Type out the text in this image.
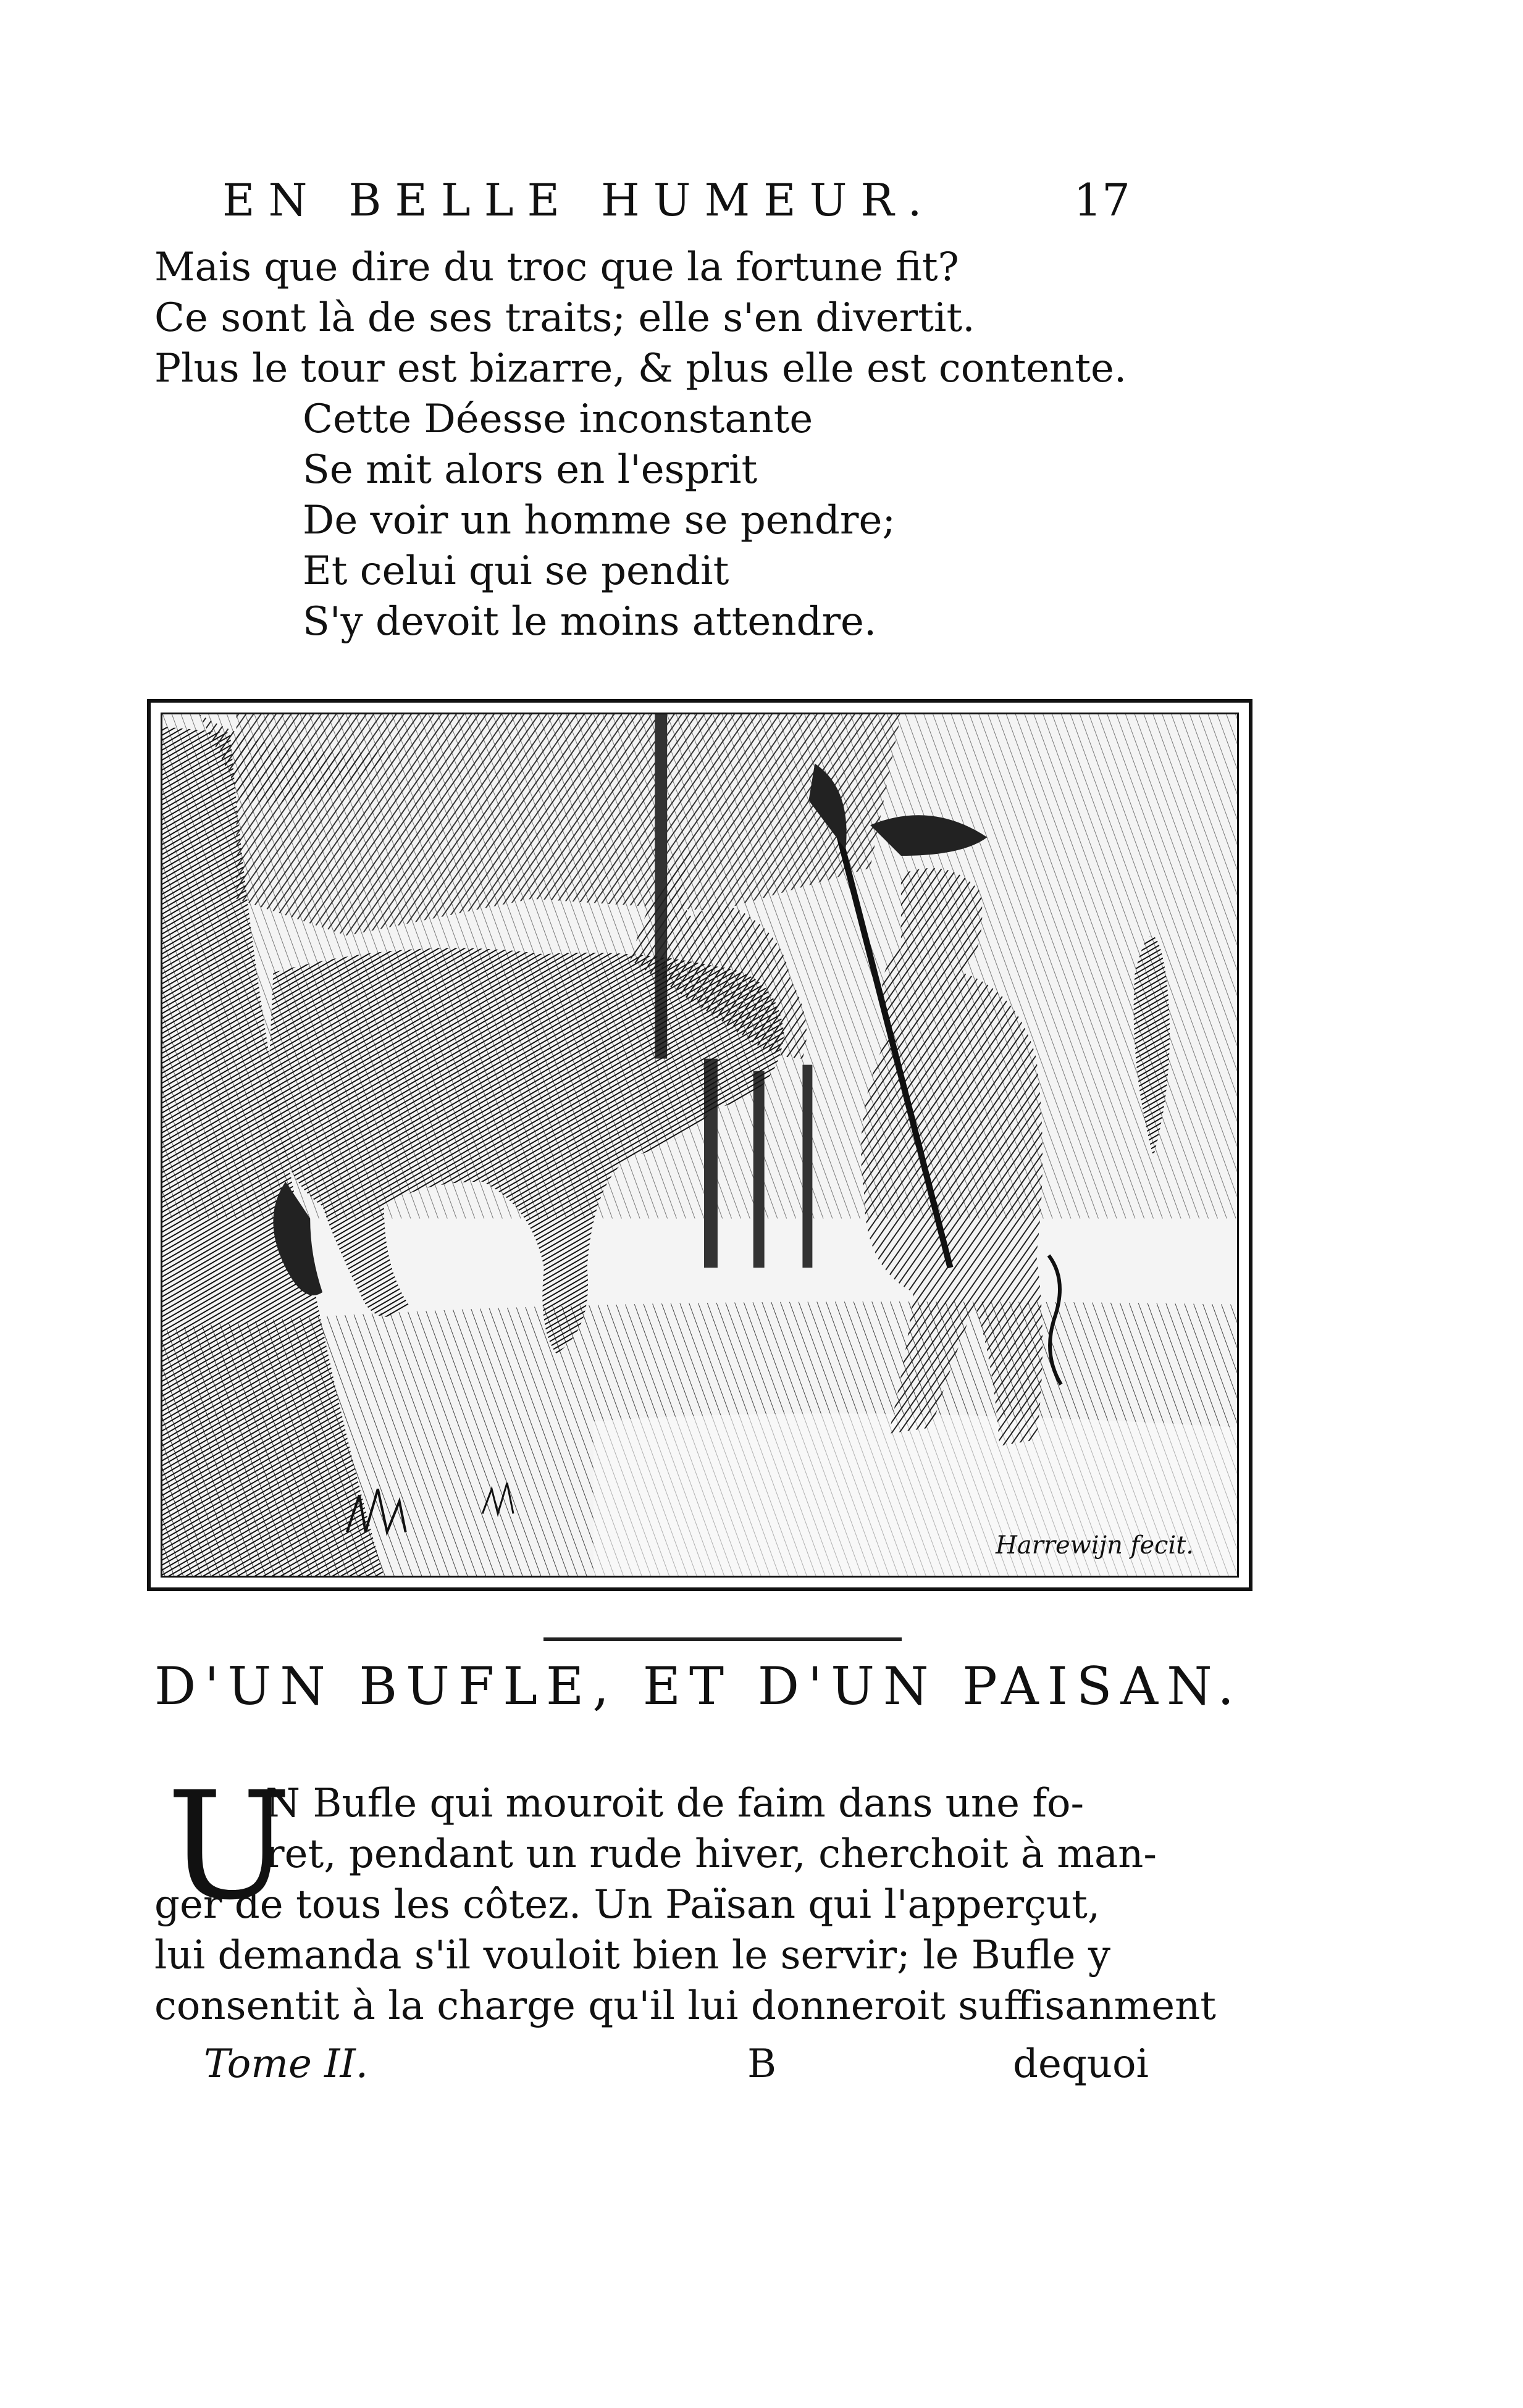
EN BELLE HUMEUR.	17
Mais que dire du troc que la fortune fit?
Ce sont là de ses traits; elle s'en divertit.
Plus le tour est bizarre, & plus elle est contente.
Cette Déesse inconstante
Se mit alors en l'esprit
De voir un homme se pendre;
Et celui qui se pendit
S'y devoit le moins attendre.
Harrewijn fecit.
D'UN BUFLE, ET D'UN PAISAN.
U
N Bufle qui mouroit de faim dans une fo-
ret, pendant un rude hiver, cherchoit à man-
ger de tous les côtez. Un Païsan qui l'apperçut,
lui demanda s'il vouloit bien le servir; le Bufle y
consentit à la charge qu'il lui donneroit suffisanment
Tome II.	B	dequoi
